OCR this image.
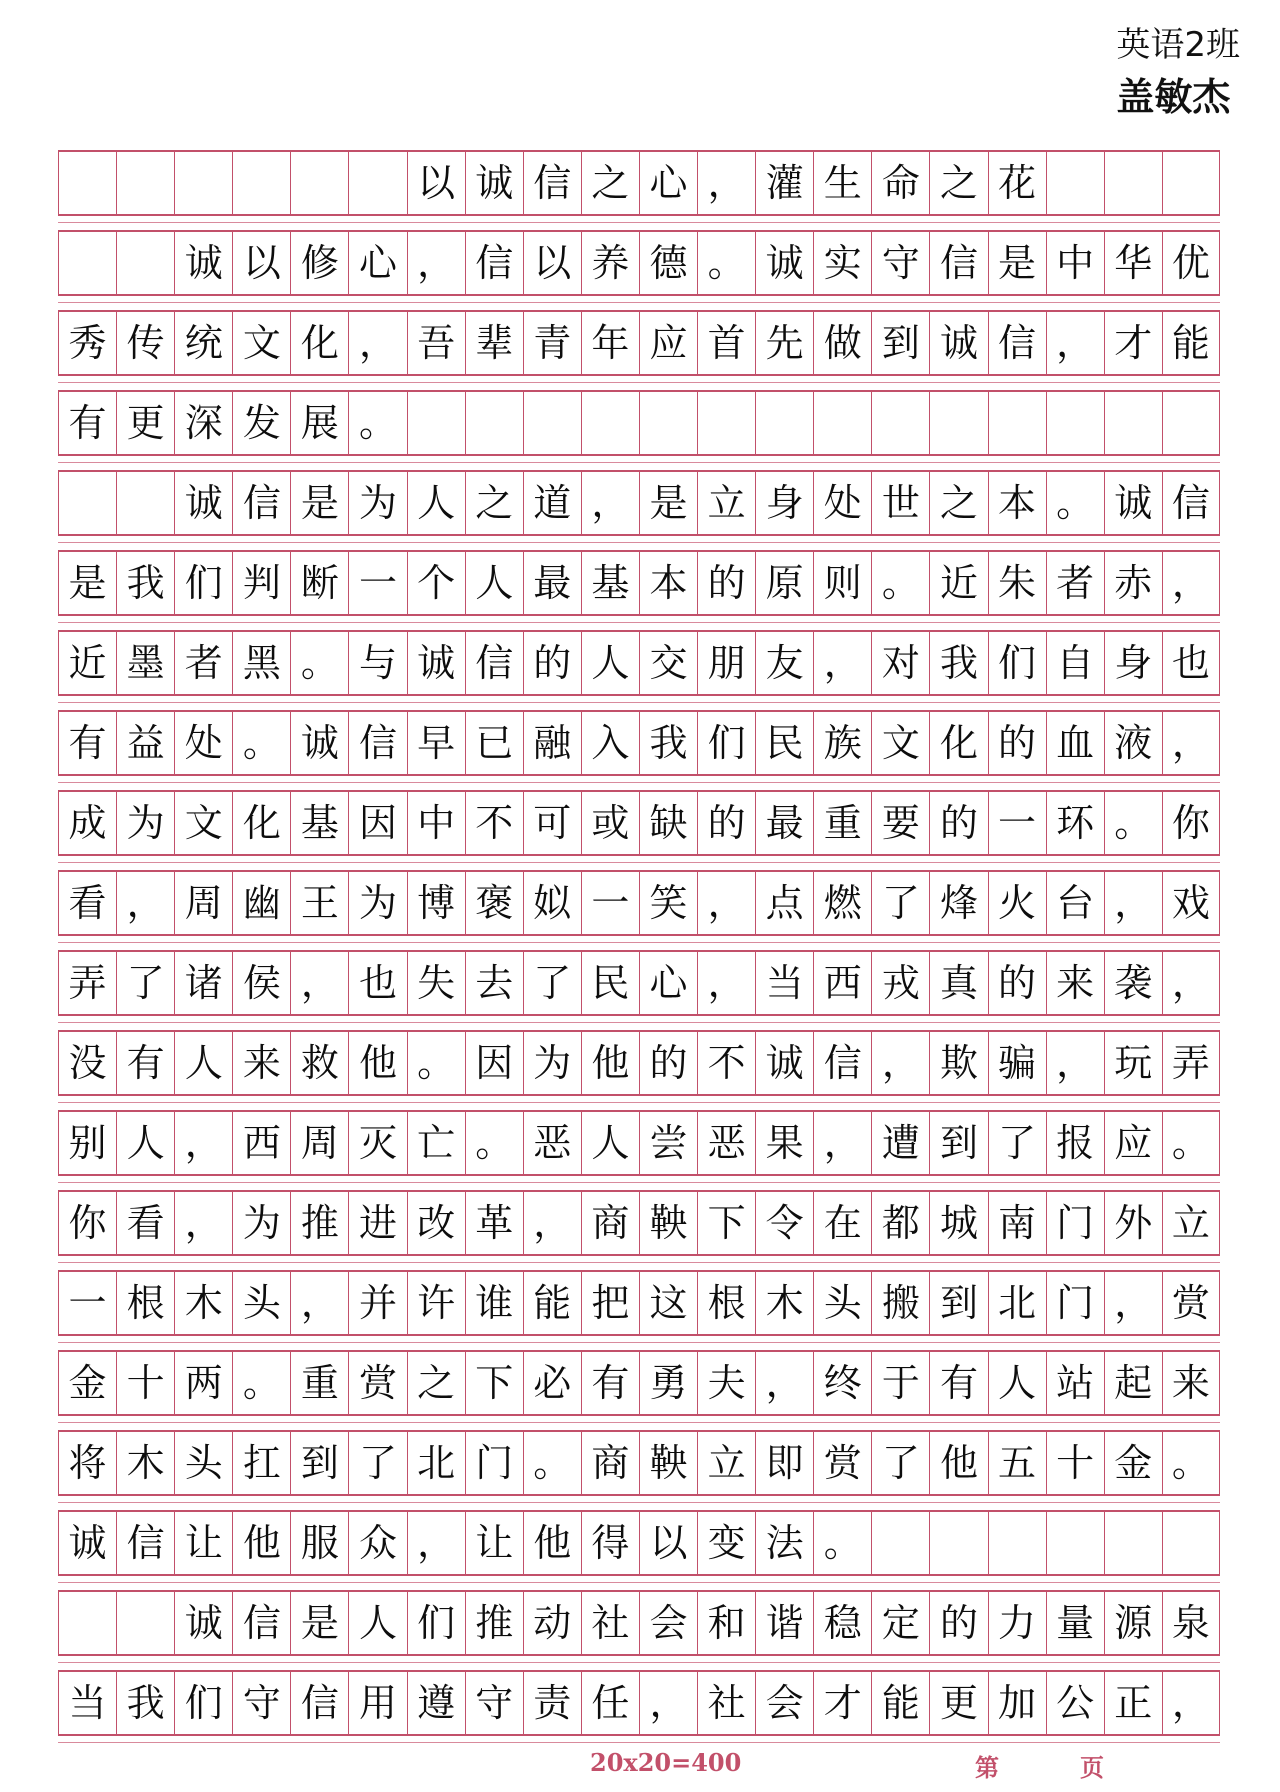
英语2班
盖敏杰
以 诚 信 之 心 ， 灌 生 命 之 花
诚 以 修 心 ， 信 以 养 德 。 诚 实 守 信 是 中 华 优
秀 传 统 文 化 ， 吾 辈 青 年 应 首 先 做 到 诚 信 ， 才 能
有 更 深 发 展 。
诚 信 是 为 人 之 道 ， 是 立 身 处 世 之 本 。 诚 信
是 我 们 判 断 一 个 人 最 基 本 的 原 则 。 近 朱 者 赤 ，
近 墨 者 黑 。 与 诚 信 的 人 交 朋 友 ， 对 我 们 自 身 也
有 益 处 。 诚 信 早 已 融 入 我 们 民 族 文 化 的 血 液 ，
成 为 文 化 基 因 中 不 可 或 缺 的 最 重 要 的 一 环 。 你
看 ， 周 幽 王 为 博 褒 姒 一 笑 ， 点 燃 了 烽 火 台 ， 戏
弄 了 诸 侯 ， 也 失 去 了 民 心 ， 当 西 戎 真 的 来 袭 ，
没 有 人 来 救 他 。 因 为 他 的 不 诚 信 ， 欺 骗 ， 玩 弄
别 人 ， 西 周 灭 亡 。 恶 人 尝 恶 果 ， 遭 到 了 报 应 。
你 看 ， 为 推 进 改 革 ， 商 鞅 下 令 在 都 城 南 门 外 立
一 根 木 头 ， 并 许 谁 能 把 这 根 木 头 搬 到 北 门 ， 赏
金 十 两 。 重 赏 之 下 必 有 勇 夫 ， 终 于 有 人 站 起 来
将 木 头 扛 到 了 北 门 。 商 鞅 立 即 赏 了 他 五 十 金 。
诚 信 让 他 服 众 ， 让 他 得 以 变 法 。
诚 信 是 人 们 推 动 社 会 和 谐 稳 定 的 力 量 源 泉
当 我 们 守 信 用 遵 守 责 任 ， 社 会 才 能 更 加 公 正 ，
20x20=400	第	页
